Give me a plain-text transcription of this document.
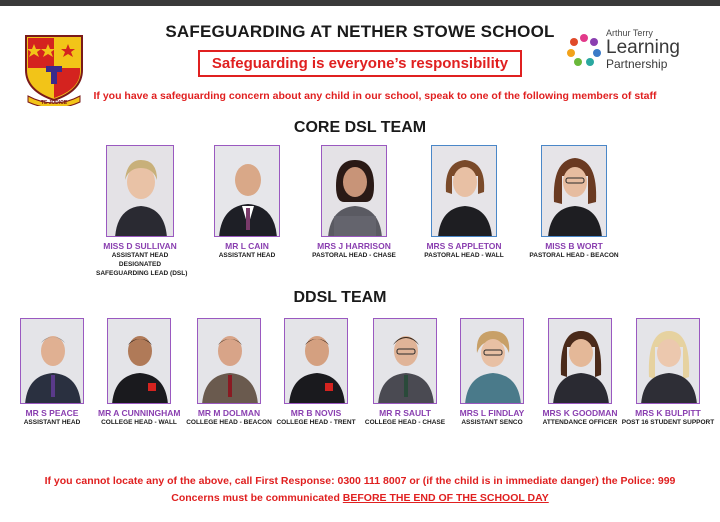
TE JUDICE
SAFEGUARDING AT NETHER STOWE SCHOOL
Safeguarding is everyone’s responsibility
Arthur Terry
Learning
Partnership
If you have a safeguarding concern about any child in our school, speak to one of the following members of staff
CORE DSL TEAM
MISS D SULLIVAN
ASSISTANT HEAD
DESIGNATED
SAFEGUARDING LEAD (DSL)
MR L CAIN
ASSISTANT HEAD
MRS J HARRISON
PASTORAL HEAD - CHASE
MRS S APPLETON
PASTORAL HEAD - WALL
MISS B WORT
PASTORAL HEAD - BEACON
DDSL TEAM
MR S PEACE
ASSISTANT HEAD
MR A CUNNINGHAM
COLLEGE HEAD - WALL
MR M DOLMAN
COLLEGE HEAD - BEACON
MR B NOVIS
COLLEGE HEAD - TRENT
MR R SAULT
COLLEGE HEAD - CHASE
MRS L FINDLAY
ASSISTANT SENCO
MRS K GOODMAN
ATTENDANCE OFFICER
MRS K BULPITT
POST 16 STUDENT SUPPORT
If you cannot locate any of the above, call First Response: 0300 111 8007 or (if the child is in immediate danger) the Police: 999
Concerns must be communicated BEFORE THE END OF THE SCHOOL DAY
